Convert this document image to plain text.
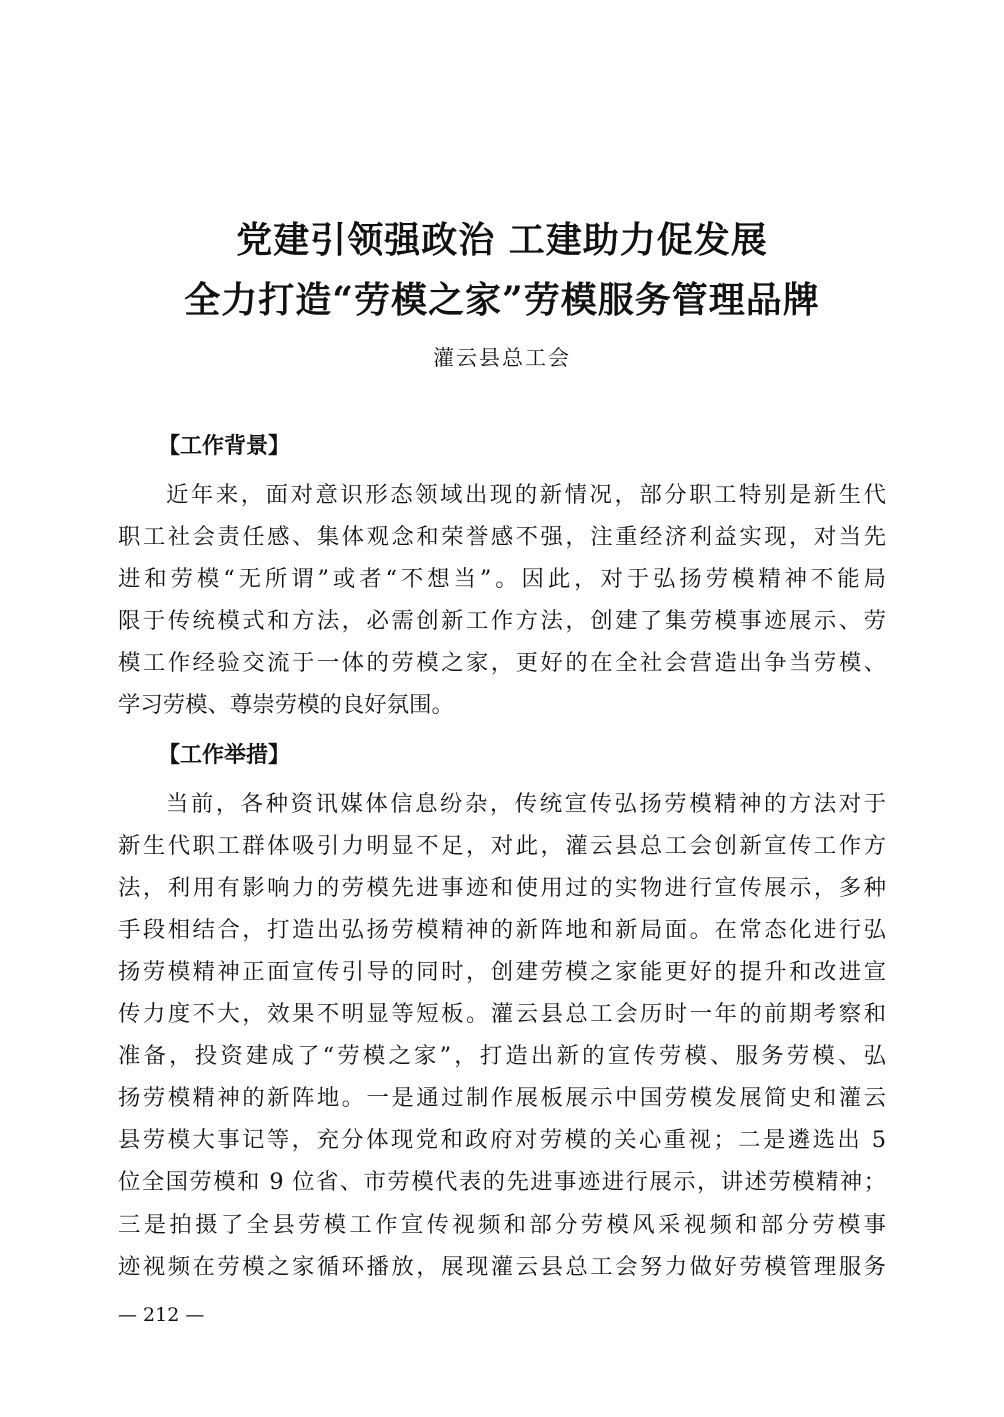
党建引领强政治 工建助力促发展
全力打造“劳模之家”劳模服务管理品牌
灌云县总工会
【工作背景】
近年来，面对意识形态领域出现的新情况，部分职工特别是新生代
职工社会责任感、集体观念和荣誉感不强，注重经济利益实现，对当先
进和劳模“无所谓”或者“不想当”。因此，对于弘扬劳模精神不能局
限于传统模式和方法，必需创新工作方法，创建了集劳模事迹展示、劳
模工作经验交流于一体的劳模之家，更好的在全社会营造出争当劳模、
学习劳模、尊崇劳模的良好氛围。
【工作举措】
当前，各种资讯媒体信息纷杂，传统宣传弘扬劳模精神的方法对于
新生代职工群体吸引力明显不足，对此，灌云县总工会创新宣传工作方
法，利用有影响力的劳模先进事迹和使用过的实物进行宣传展示，多种
手段相结合，打造出弘扬劳模精神的新阵地和新局面。在常态化进行弘
扬劳模精神正面宣传引导的同时，创建劳模之家能更好的提升和改进宣
传力度不大，效果不明显等短板。灌云县总工会历时一年的前期考察和
准备，投资建成了“劳模之家”，打造出新的宣传劳模、服务劳模、弘
扬劳模精神的新阵地。一是通过制作展板展示中国劳模发展简史和灌云
县劳模大事记等，充分体现党和政府对劳模的关心重视；二是遴选出 5
位全国劳模和 9 位省、市劳模代表的先进事迹进行展示，讲述劳模精神；
三是拍摄了全县劳模工作宣传视频和部分劳模风采视频和部分劳模事
迹视频在劳模之家循环播放，展现灌云县总工会努力做好劳模管理服务
— 212 —
